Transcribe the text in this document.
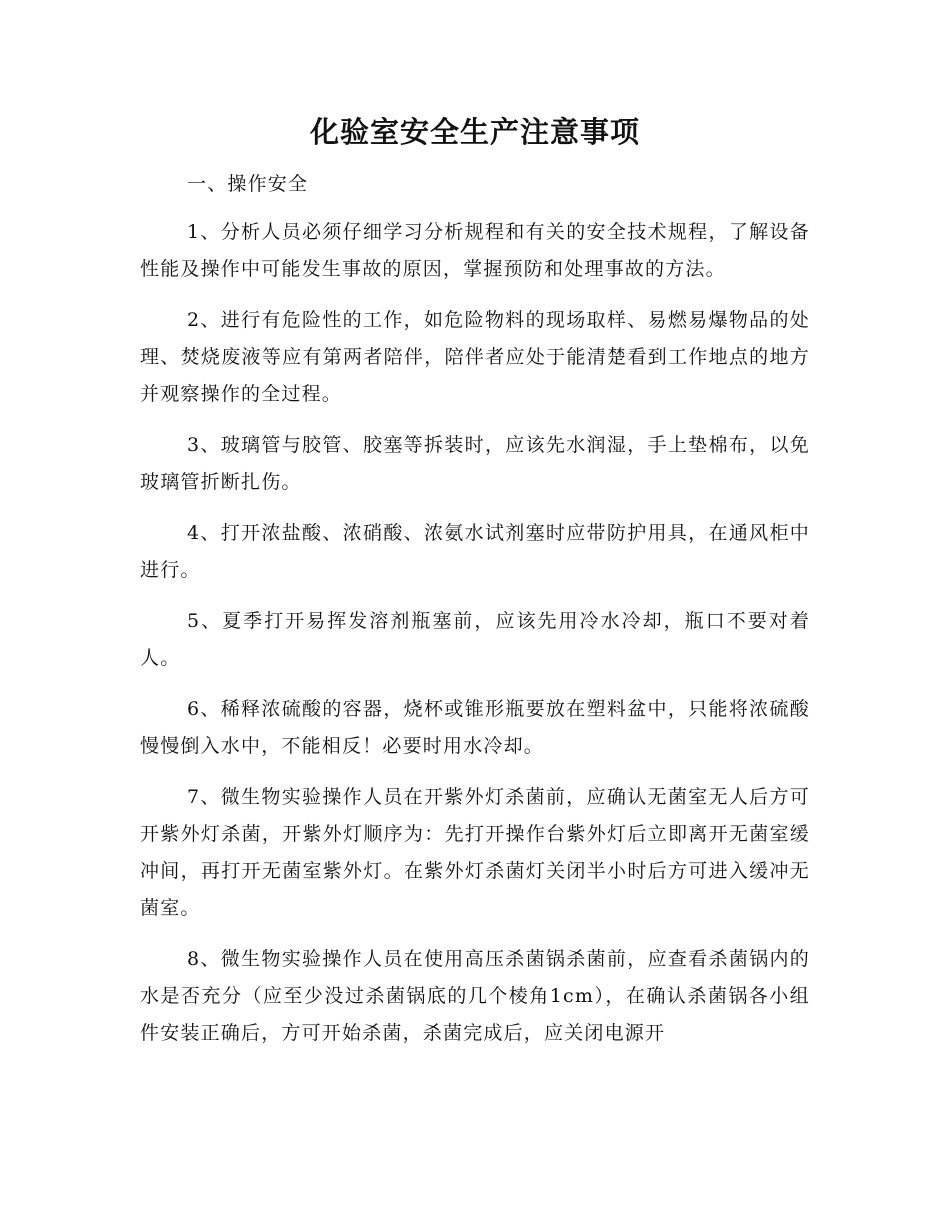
化验室安全生产注意事项

一、操作安全

1、分析人员必须仔细学习分析规程和有关的安全技术规程，了解设备性能及操作中可能发生事故的原因，掌握预防和处理事故的方法。

2、进行有危险性的工作，如危险物料的现场取样、易燃易爆物品的处理、焚烧废液等应有第两者陪伴，陪伴者应处于能清楚看到工作地点的地方并观察操作的全过程。

3、玻璃管与胶管、胶塞等拆装时，应该先水润湿，手上垫棉布，以免玻璃管折断扎伤。

4、打开浓盐酸、浓硝酸、浓氨水试剂塞时应带防护用具，在通风柜中进行。

5、夏季打开易挥发溶剂瓶塞前，应该先用冷水冷却，瓶口不要对着人。

6、稀释浓硫酸的容器，烧杯或锥形瓶要放在塑料盆中，只能将浓硫酸慢慢倒入水中，不能相反！必要时用水冷却。

7、微生物实验操作人员在开紫外灯杀菌前，应确认无菌室无人后方可开紫外灯杀菌，开紫外灯顺序为：先打开操作台紫外灯后立即离开无菌室缓冲间，再打开无菌室紫外灯。在紫外灯杀菌灯关闭半小时后方可进入缓冲无菌室。

8、微生物实验操作人员在使用高压杀菌锅杀菌前，应查看杀菌锅内的水是否充分（应至少没过杀菌锅底的几个棱角1cm），在确认杀菌锅各小组件安装正确后，方可开始杀菌，杀菌完成后，应关闭电源开
